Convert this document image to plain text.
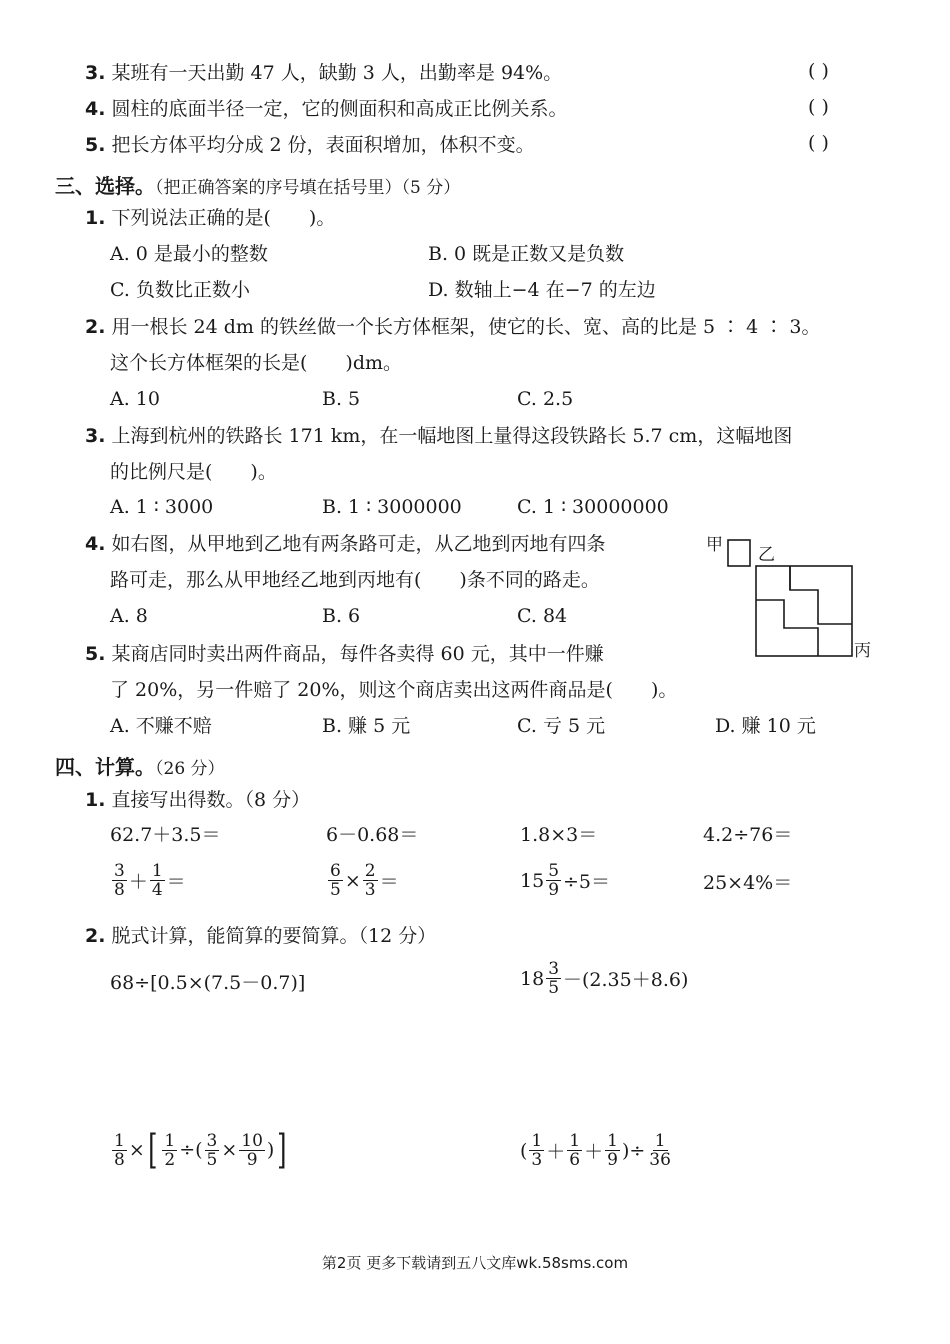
3. 某班有一天出勤 47 人，缺勤 3 人，出勤率是 94%。	( )
4. 圆柱的底面半径一定，它的侧面积和高成正比例关系。	( )
5. 把长方体平均分成 2 份，表面积增加，体积不变。	( )
三、选择。（把正确答案的序号填在括号里）（5 分）
1. 下列说法正确的是(　　)。
A. 0 是最小的整数	B. 0 既是正数又是负数
C. 负数比正数小	D. 数轴上−4 在−7 的左边
2. 用一根长 24 dm 的铁丝做一个长方体框架，使它的长、宽、高的比是 5 ∶ 4 ∶ 3。
这个长方体框架的长是(　　)dm。
A. 10	B. 5	C. 2.5
3. 上海到杭州的铁路长 171 km，在一幅地图上量得这段铁路长 5.7 cm，这幅地图
的比例尺是(　　)。
A. 1 ∶ 3000	B. 1 ∶ 3000000	C. 1 ∶ 30000000
4. 如右图，从甲地到乙地有两条路可走，从乙地到丙地有四条
路可走，那么从甲地经乙地到丙地有(　　)条不同的路走。
A. 8	B. 6	C. 84
甲 乙
丙
5. 某商店同时卖出两件商品，每件各卖得 60 元，其中一件赚
了 20%，另一件赔了 20%，则这个商店卖出这两件商品是(　　)。
A. 不赚不赔	B. 赚 5 元	C. 亏 5 元	D. 赚 10 元
四、计算。（26 分）
1. 直接写出得数。（8 分）
62.7＋3.5＝	6－0.68＝	1.8×3＝	4.2÷76＝
$\frac{3}{8} + \frac{1}{4}$ ＝	$\frac{6}{5} \times \frac{2}{3}$ ＝	$15 \frac{5}{9} \div 5=$	25×4%＝
2. 脱式计算，能简算的要简算。（12 分）
68÷[0.5×(7.5－0.7)]	$18 \frac{3}{5} -(2.35+8.6)$
$\frac{1}{8}$ × [ $\frac{1}{2}$ ÷( $\frac{3}{5} \times \frac{10}{9}$ ) ]	( $\frac{1}{3} + \frac{1}{6} + \frac{1}{9}$ )÷ $\frac{1}{36}$
第2页 更多下载请到五八文库wk.58sms.com
